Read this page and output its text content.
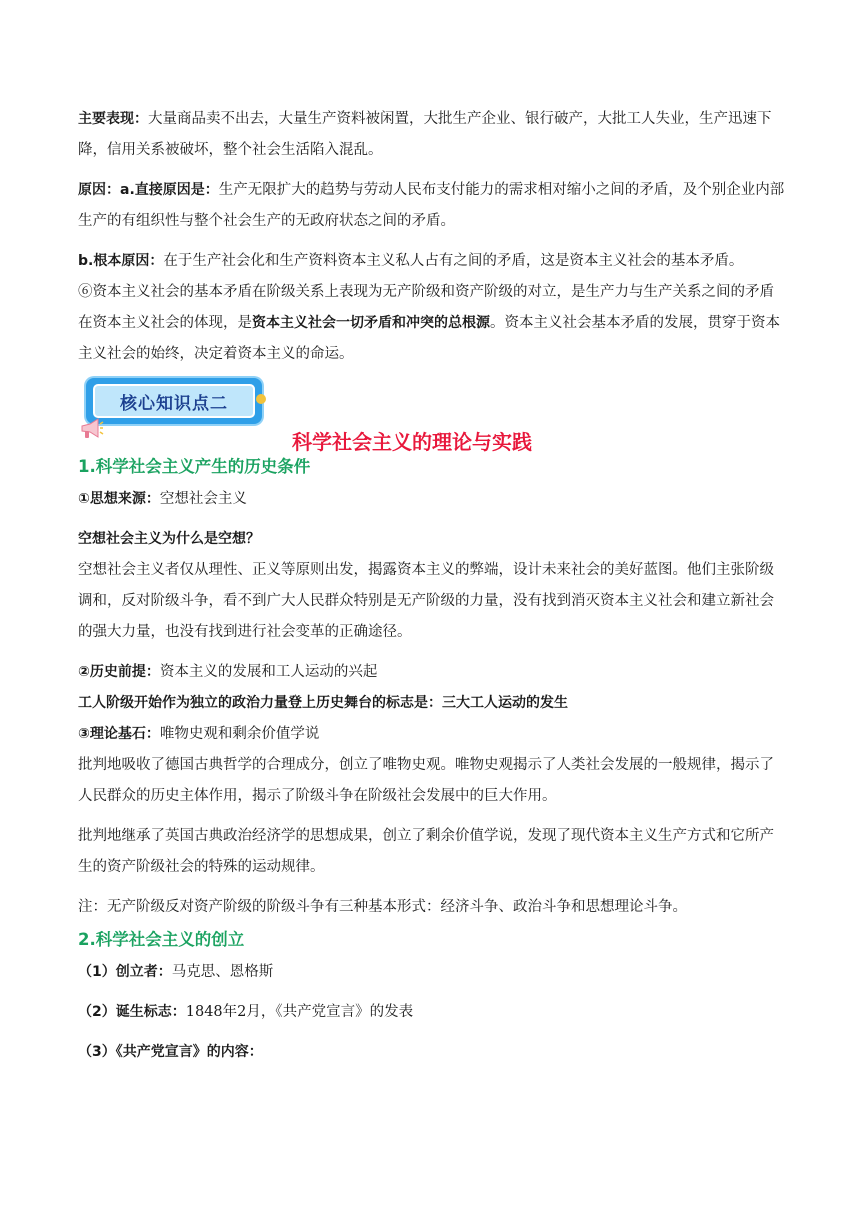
主要表现：大量商品卖不出去，大量生产资料被闲置，大批生产企业、银行破产，大批工人失业，生产迅速下降，信用关系被破坏，整个社会生活陷入混乱。

原因：a.直接原因是：生产无限扩大的趋势与劳动人民布支付能力的需求相对缩小之间的矛盾，及个别企业内部生产的有组织性与整个社会生产的无政府状态之间的矛盾。

b.根本原因：在于生产社会化和生产资料资本主义私人占有之间的矛盾，这是资本主义社会的基本矛盾。

⑥资本主义社会的基本矛盾在阶级关系上表现为无产阶级和资产阶级的对立，是生产力与生产关系之间的矛盾在资本主义社会的体现，是资本主义社会一切矛盾和冲突的总根源。资本主义社会基本矛盾的发展，贯穿于资本主义社会的始终，决定着资本主义的命运。

核心知识点二
科学社会主义的理论与实践
1.科学社会主义产生的历史条件

①思想来源：空想社会主义

空想社会主义为什么是空想？

空想社会主义者仅从理性、正义等原则出发，揭露资本主义的弊端，设计未来社会的美好蓝图。他们主张阶级调和，反对阶级斗争，看不到广大人民群众特别是无产阶级的力量，没有找到消灭资本主义社会和建立新社会的强大力量，也没有找到进行社会变革的正确途径。

②历史前提：资本主义的发展和工人运动的兴起

工人阶级开始作为独立的政治力量登上历史舞台的标志是：三大工人运动的发生

③理论基石：唯物史观和剩余价值学说

批判地吸收了德国古典哲学的合理成分，创立了唯物史观。唯物史观揭示了人类社会发展的一般规律，揭示了人民群众的历史主体作用，揭示了阶级斗争在阶级社会发展中的巨大作用。

批判地继承了英国古典政治经济学的思想成果，创立了剩余价值学说，发现了现代资本主义生产方式和它所产生的资产阶级社会的特殊的运动规律。

注：无产阶级反对资产阶级的阶级斗争有三种基本形式：经济斗争、政治斗争和思想理论斗争。

2.科学社会主义的创立

（1）创立者：马克思、恩格斯

（2）诞生标志：1848年2月，《共产党宣言》的发表

（3）《共产党宣言》的内容：
